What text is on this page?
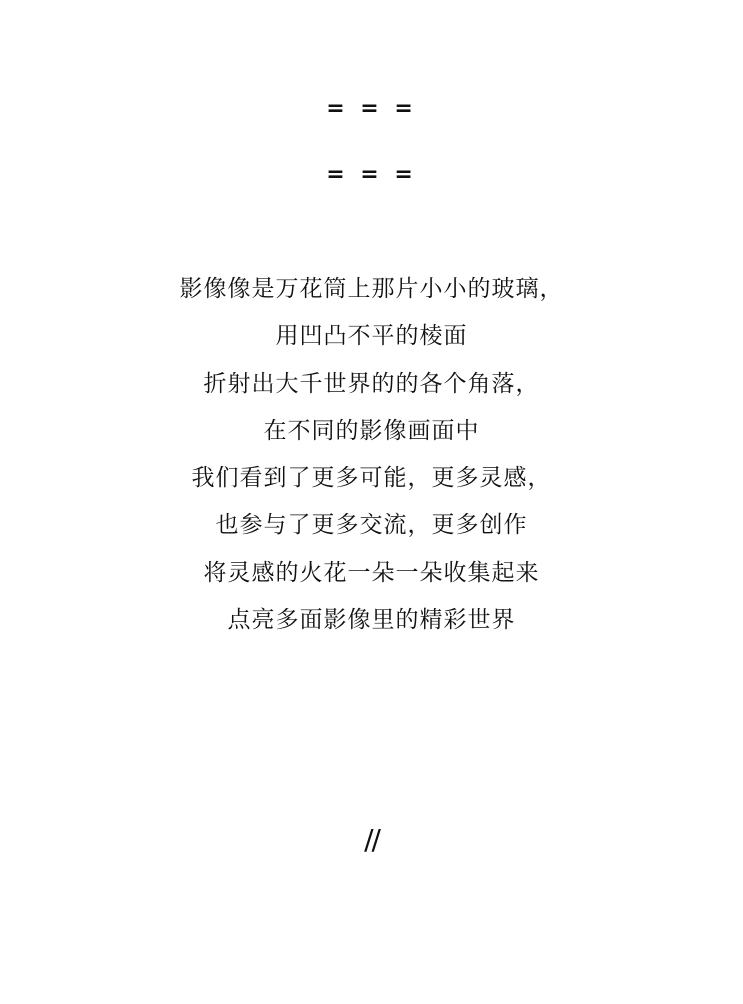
= = =
= = =
影像像是万花筒上那片小小的玻璃，
用凹凸不平的棱面
折射出大千世界的的各个角落，
在不同的影像画面中
我们看到了更多可能，更多灵感，
也参与了更多交流，更多创作
将灵感的火花一朵一朵收集起来
点亮多面影像里的精彩世界
//
